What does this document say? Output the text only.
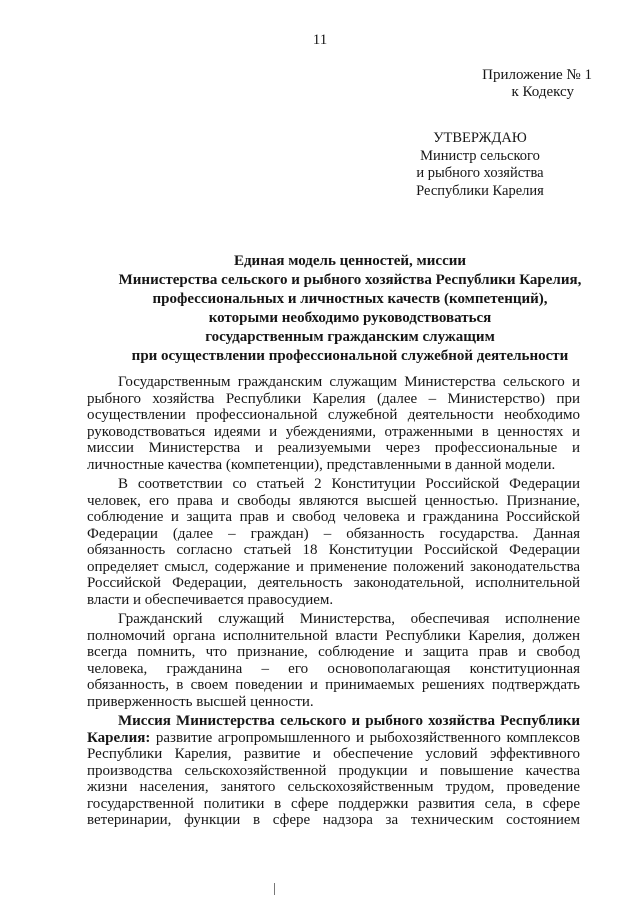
11
Приложение № 1
к Кодексу
УТВЕРЖДАЮ
Министр сельского
и рыбного хозяйства
Республики Карелия
Единая модель ценностей, миссии
Министерства сельского и рыбного хозяйства Республики Карелия,
профессиональных и личностных качеств (компетенций),
которыми необходимо руководствоваться
государственным гражданским служащим
при осуществлении профессиональной служебной деятельности
Государственным гражданским служащим Министерства сельского и
рыбного хозяйства Республики Карелия (далее – Министерство) при
осуществлении профессиональной служебной деятельности необходимо
руководствоваться идеями и убеждениями, отраженными в ценностях и
миссии Министерства и реализуемыми через профессиональные и
личностные качества (компетенции), представленными в данной модели.
В соответствии со статьей 2 Конституции Российской Федерации
человек, его права и свободы являются высшей ценностью. Признание,
соблюдение и защита прав и свобод человека и гражданина Российской
Федерации (далее – граждан) – обязанность государства. Данная
обязанность согласно статьей 18 Конституции Российской Федерации
определяет смысл, содержание и применение положений законодательства
Российской Федерации, деятельность законодательной, исполнительной
власти и обеспечивается правосудием.
Гражданский служащий Министерства, обеспечивая исполнение
полномочий органа исполнительной власти Республики Карелия, должен
всегда помнить, что признание, соблюдение и защита прав и свобод
человека, гражданина – его основополагающая конституционная
обязанность, в своем поведении и принимаемых решениях подтверждать
приверженность высшей ценности.
Миссия Министерства сельского и рыбного хозяйства Республики
Карелия: развитие агропромышленного и рыбохозяйственного комплексов
Республики Карелия, развитие и обеспечение условий эффективного
производства сельскохозяйственной продукции и повышение качества
жизни населения, занятого сельскохозяйственным трудом, проведение
государственной политики в сфере поддержки развития села, в сфере
ветеринарии, функции в сфере надзора за техническим состоянием
